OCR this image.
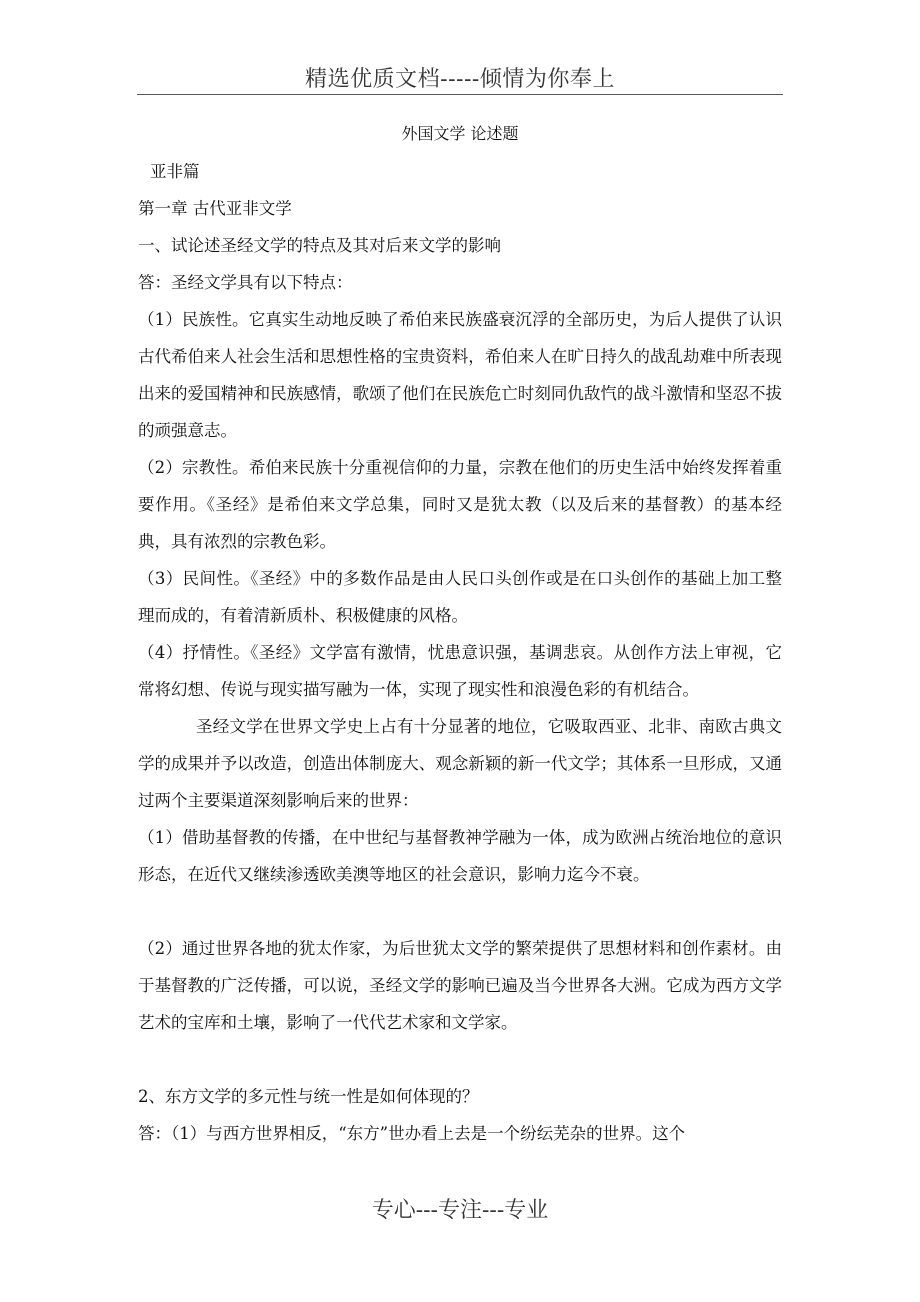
精选优质文档-----倾情为你奉上
外国文学 论述题

亚非篇

第一章 古代亚非文学

一、试论述圣经文学的特点及其对后来文学的影响

答：圣经文学具有以下特点：

（1）民族性。它真实生动地反映了希伯来民族盛衰沉浮的全部历史，为后人提供了认识古代希伯来人社会生活和思想性格的宝贵资料，希伯来人在旷日持久的战乱劫难中所表现出来的爱国精神和民族感情，歌颂了他们在民族危亡时刻同仇敌忾的战斗激情和坚忍不拔的顽强意志。

（2）宗教性。希伯来民族十分重视信仰的力量，宗教在他们的历史生活中始终发挥着重要作用。《圣经》是希伯来文学总集，同时又是犹太教（以及后来的基督教）的基本经典，具有浓烈的宗教色彩。

（3）民间性。《圣经》中的多数作品是由人民口头创作或是在口头创作的基础上加工整理而成的，有着清新质朴、积极健康的风格。

（4）抒情性。《圣经》文学富有激情，忧患意识强，基调悲哀。从创作方法上审视，它常将幻想、传说与现实描写融为一体，实现了现实性和浪漫色彩的有机结合。

圣经文学在世界文学史上占有十分显著的地位，它吸取西亚、北非、南欧古典文学的成果并予以改造，创造出体制庞大、观念新颖的新一代文学；其体系一旦形成，又通过两个主要渠道深刻影响后来的世界：

（1）借助基督教的传播，在中世纪与基督教神学融为一体，成为欧洲占统治地位的意识形态，在近代又继续渗透欧美澳等地区的社会意识，影响力迄今不衰。

（2）通过世界各地的犹太作家，为后世犹太文学的繁荣提供了思想材料和创作素材。由于基督教的广泛传播，可以说，圣经文学的影响已遍及当今世界各大洲。它成为西方文学艺术的宝库和土壤，影响了一代代艺术家和文学家。

2、东方文学的多元性与统一性是如何体现的？

答：（1）与西方世界相反，“东方”世办看上去是一个纷纭芜杂的世界。这个

专心---专注---专业
